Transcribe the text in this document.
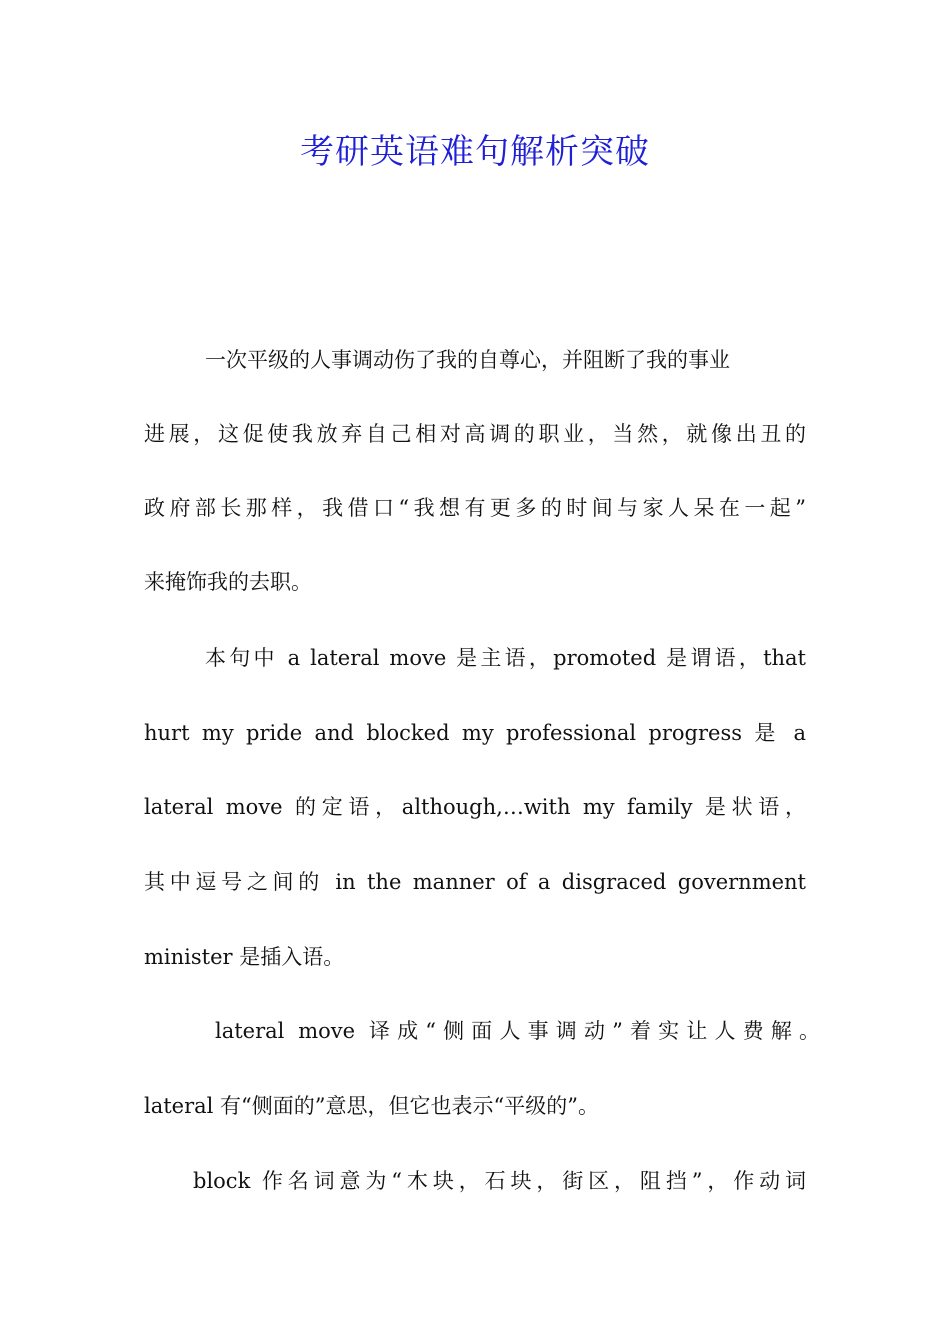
考研英语难句解析突破
一次平级的人事调动伤了我的自尊心，并阻断了我的事业
进展，这促使我放弃自己相对高调的职业，当然，就像出丑的
政府部长那样，我借口“我想有更多的时间与家人呆在一起”
来掩饰我的去职。
本句中 a lateral move 是主语，promoted 是谓语，that
hurt my pride and blocked my professional progress 是 a
lateral move 的定语，although,…with my family 是状语，
其中逗号之间的 in the manner of a disgraced government
minister 是插入语。
lateral move 译成“侧面人事调动”着实让人费解。
lateral 有“侧面的”意思，但它也表示“平级的”。
block 作名词意为“木块，石块，街区，阻挡”，作动词
